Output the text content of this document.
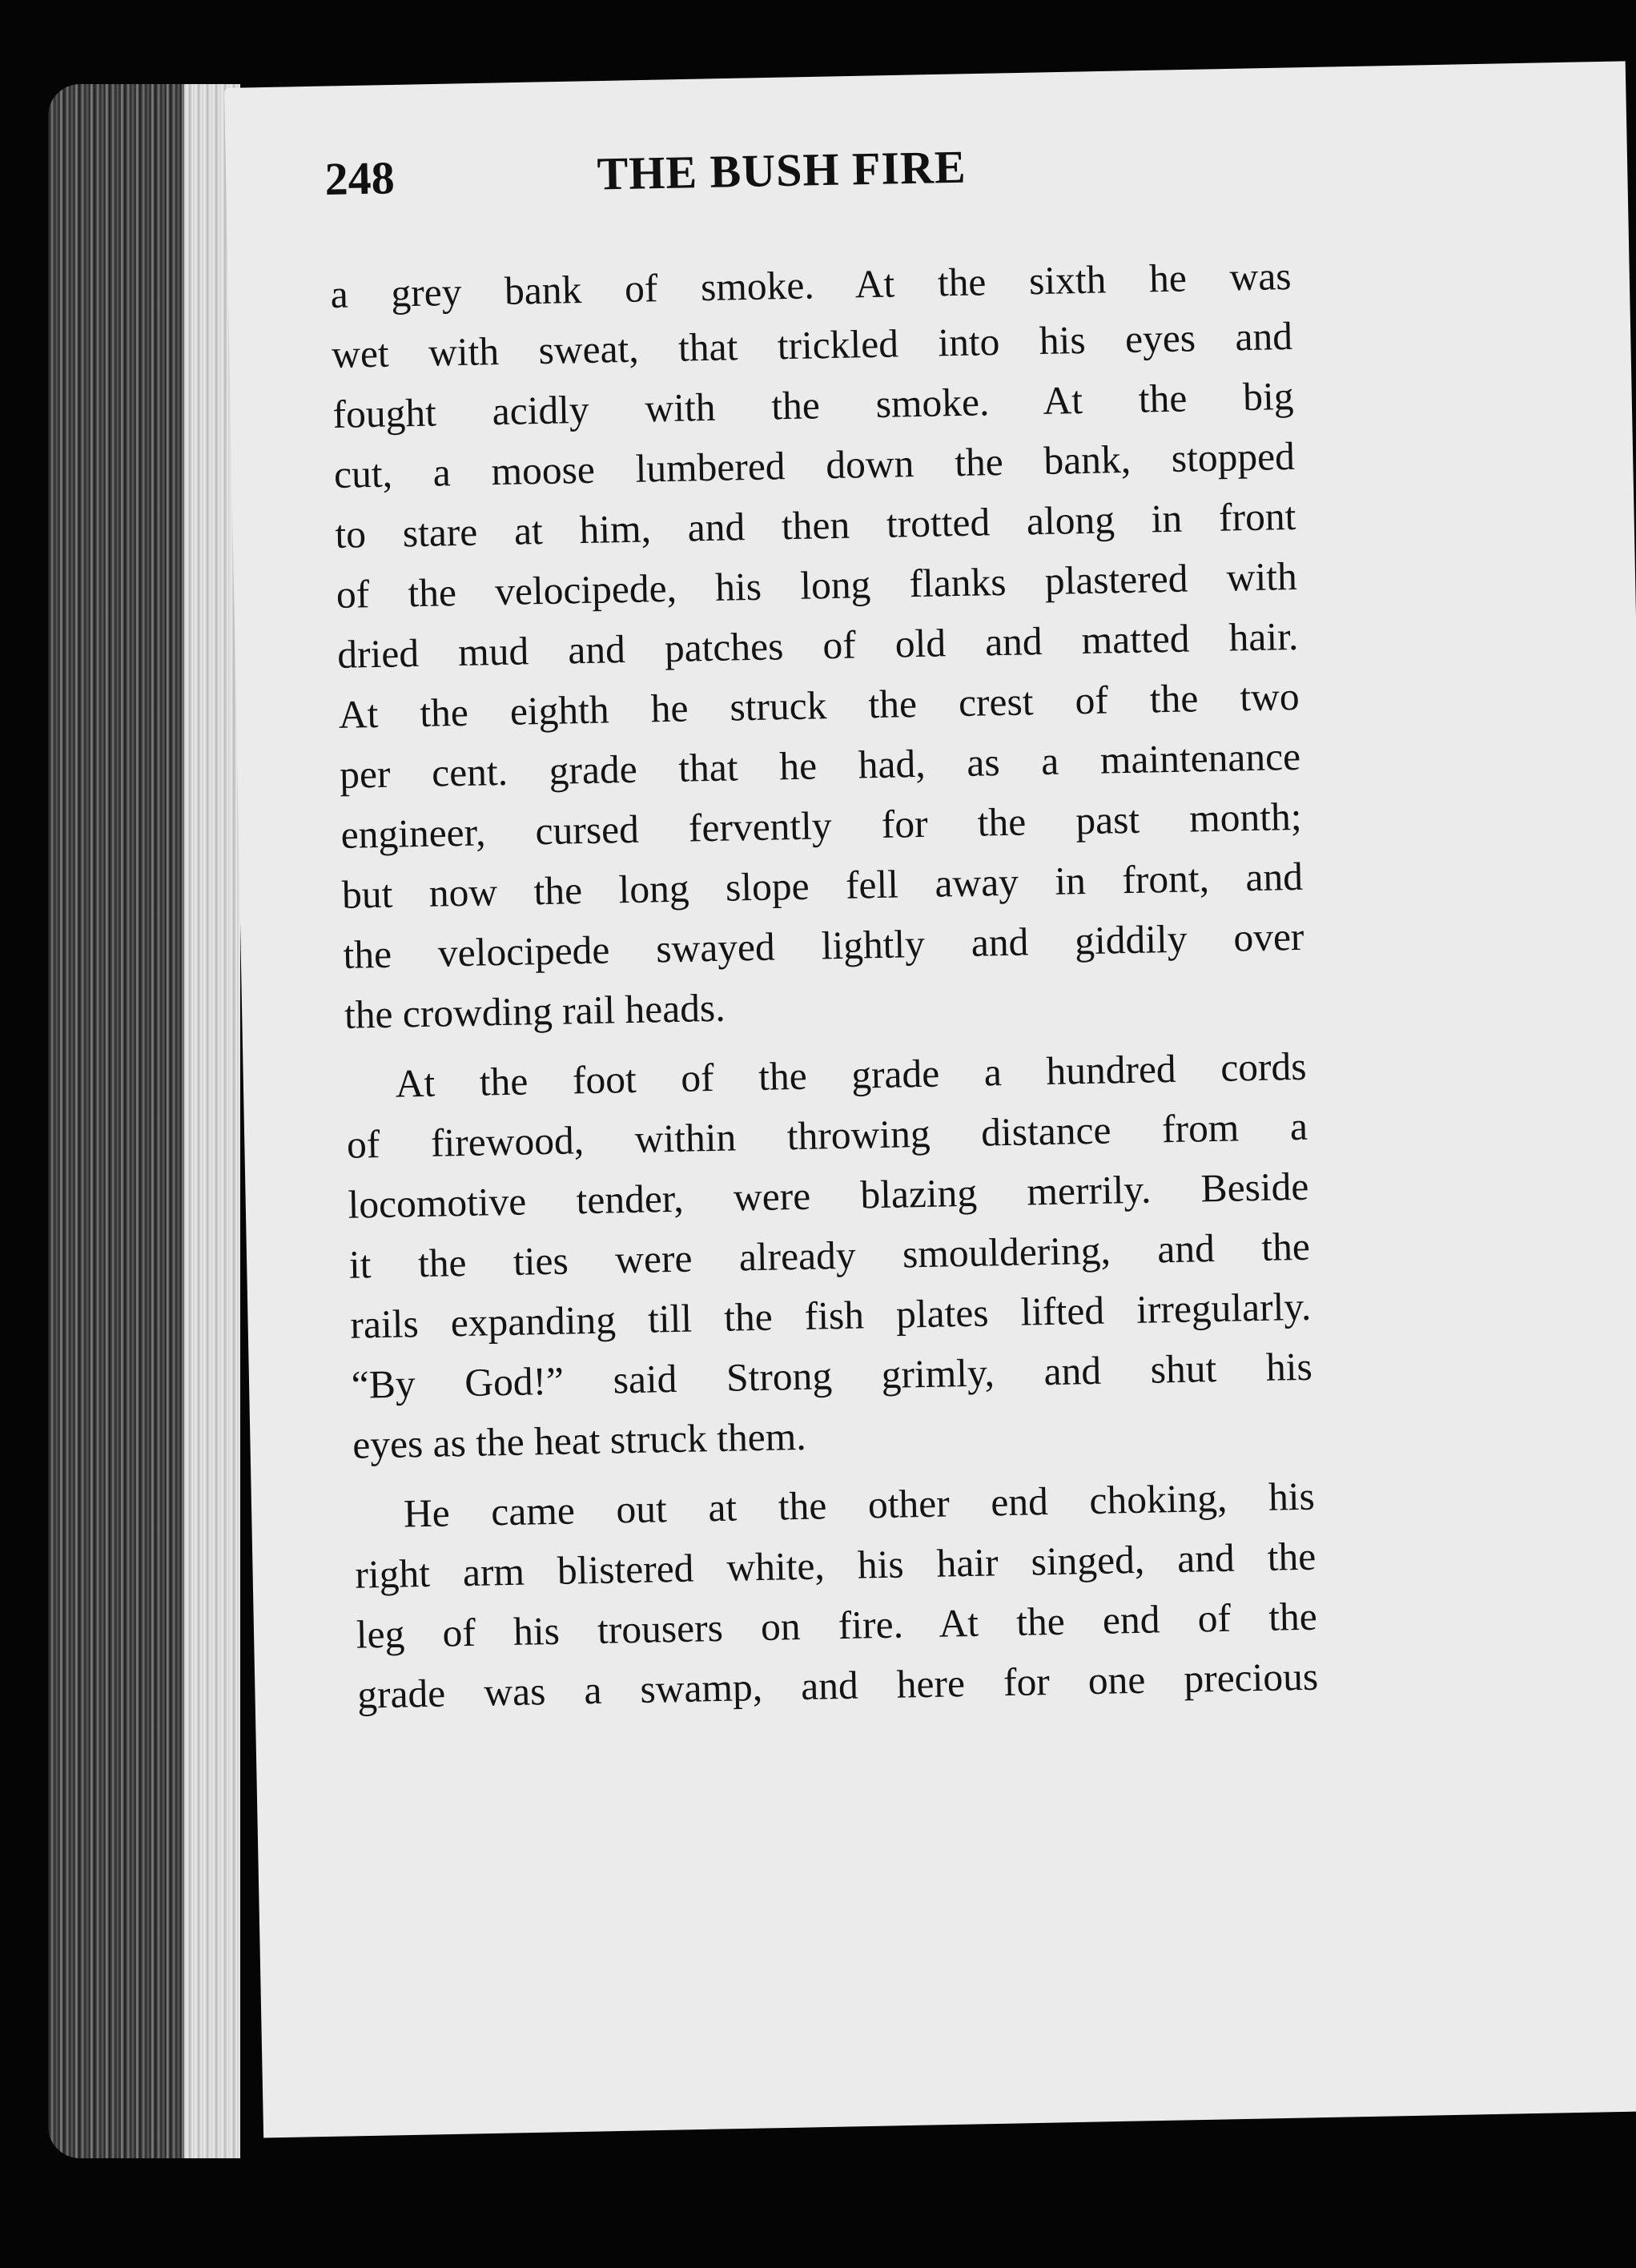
248	THE BUSH FIRE
a grey bank of smoke. At the sixth he was
wet with sweat, that trickled into his eyes and
fought acidly with the smoke. At the big
cut, a moose lumbered down the bank, stopped
to stare at him, and then trotted along in front
of the velocipede, his long flanks plastered with
dried mud and patches of old and matted hair.
At the eighth he struck the crest of the two
per cent. grade that he had, as a maintenance
engineer, cursed fervently for the past month;
but now the long slope fell away in front, and
the velocipede swayed lightly and giddily over
the crowding rail heads.
At the foot of the grade a hundred cords
of firewood, within throwing distance from a
locomotive tender, were blazing merrily. Beside
it the ties were already smouldering, and the
rails expanding till the fish plates lifted irregularly.
“By God!” said Strong grimly, and shut his
eyes as the heat struck them.
He came out at the other end choking, his
right arm blistered white, his hair singed, and the
leg of his trousers on fire. At the end of the
grade was a swamp, and here for one precious
